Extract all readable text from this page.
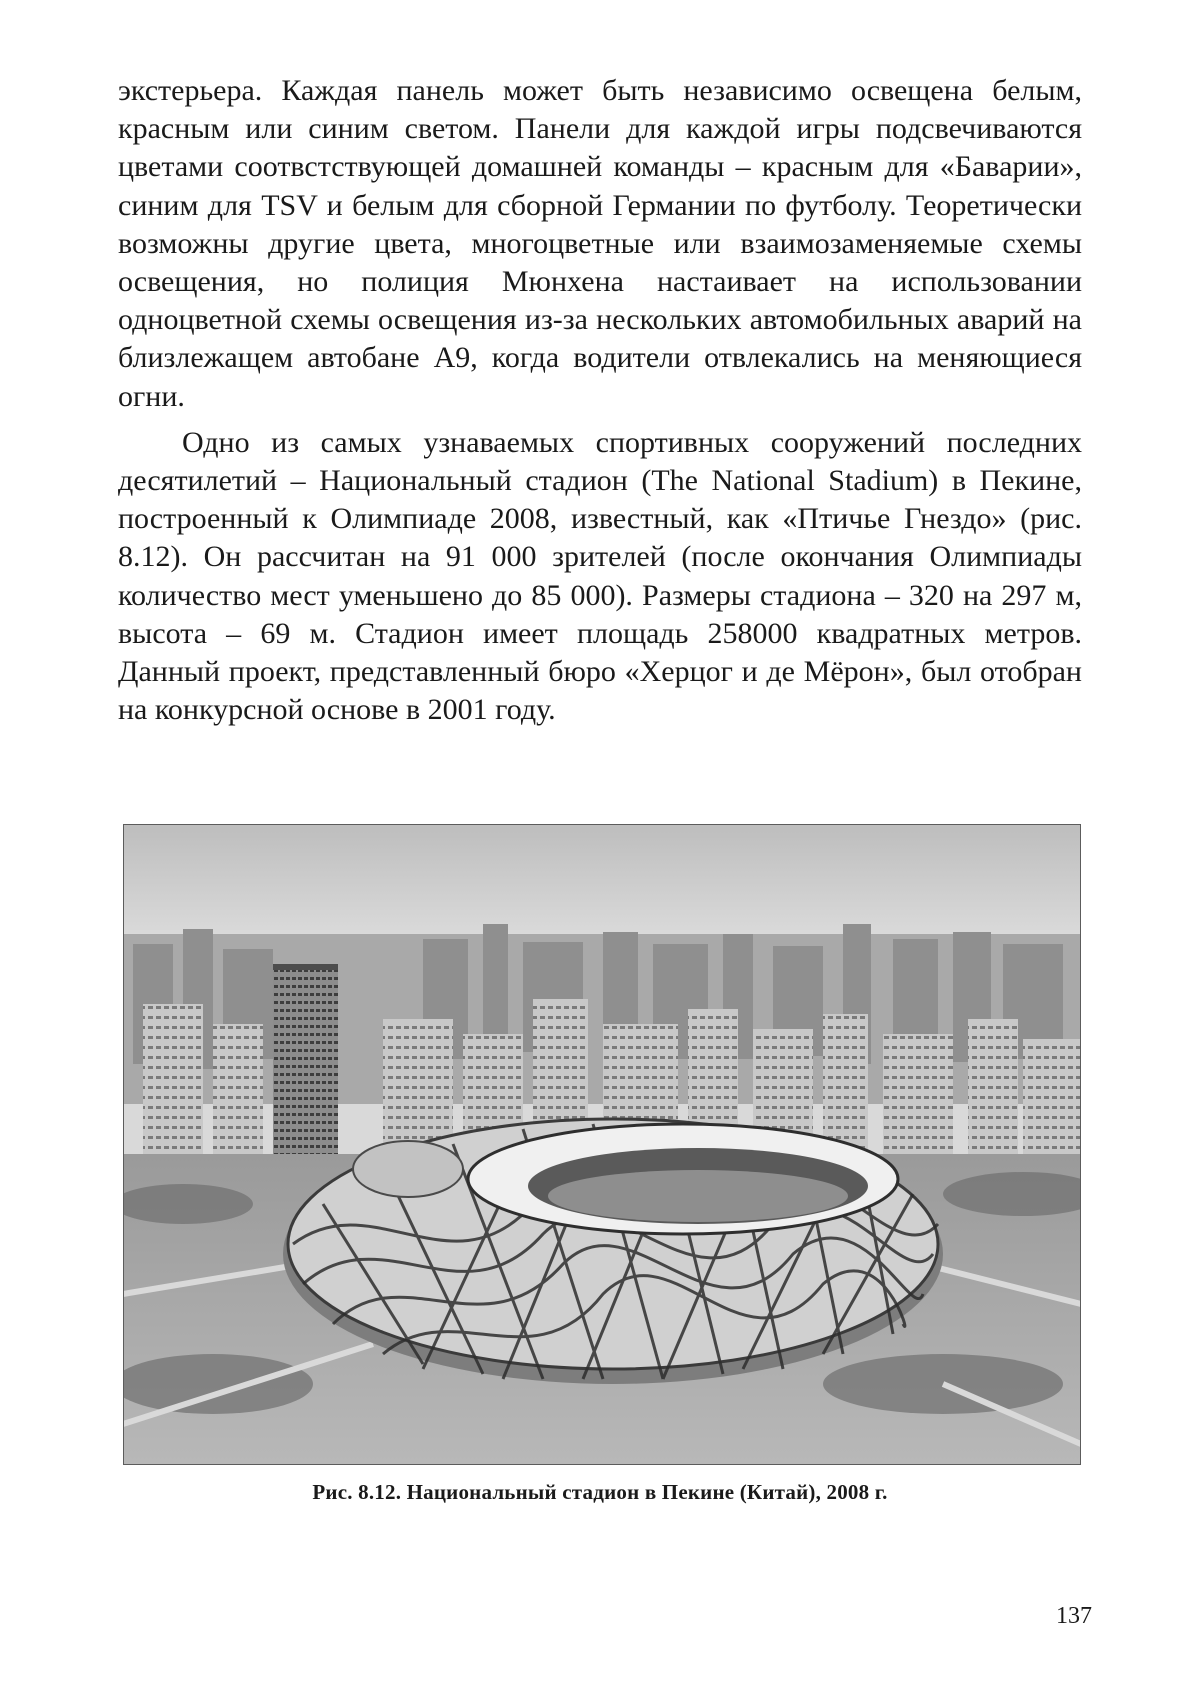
экстерьера. Каждая панель может быть независимо освещена белым, красным или синим светом. Панели для каждой игры подсвечиваются цветами соотвстствующей домашней команды – красным для «Баварии», синим для TSV и белым для сборной Германии по футболу. Теоретически возможны другие цвета, многоцветные или взаимозаменяемые схемы освещения, но полиция Мюнхена настаивает на использовании одноцветной схемы освещения из-за нескольких автомобильных аварий на близлежащем автобане А9, когда водители отвлекались на меняющиеся огни.

Одно из самых узнаваемых спортивных сооружений последних десятилетий – Национальный стадион (The National Stadium) в Пекине, построенный к Олимпиаде 2008, известный, как «Птичье Гнездо» (рис. 8.12). Он рассчитан на 91 000 зрителей (после окончания Олимпиады количество мест уменьшено до 85 000). Размеры стадиона – 320 на 297 м, высота – 69 м. Стадион имеет площадь 258000 квадратных метров. Данный проект, представленный бюро «Херцог и де Мёрон», был отобран на конкурсной основе в 2001 году.

Рис. 8.12. Национальный стадион в Пекине (Китай), 2008 г.
137
